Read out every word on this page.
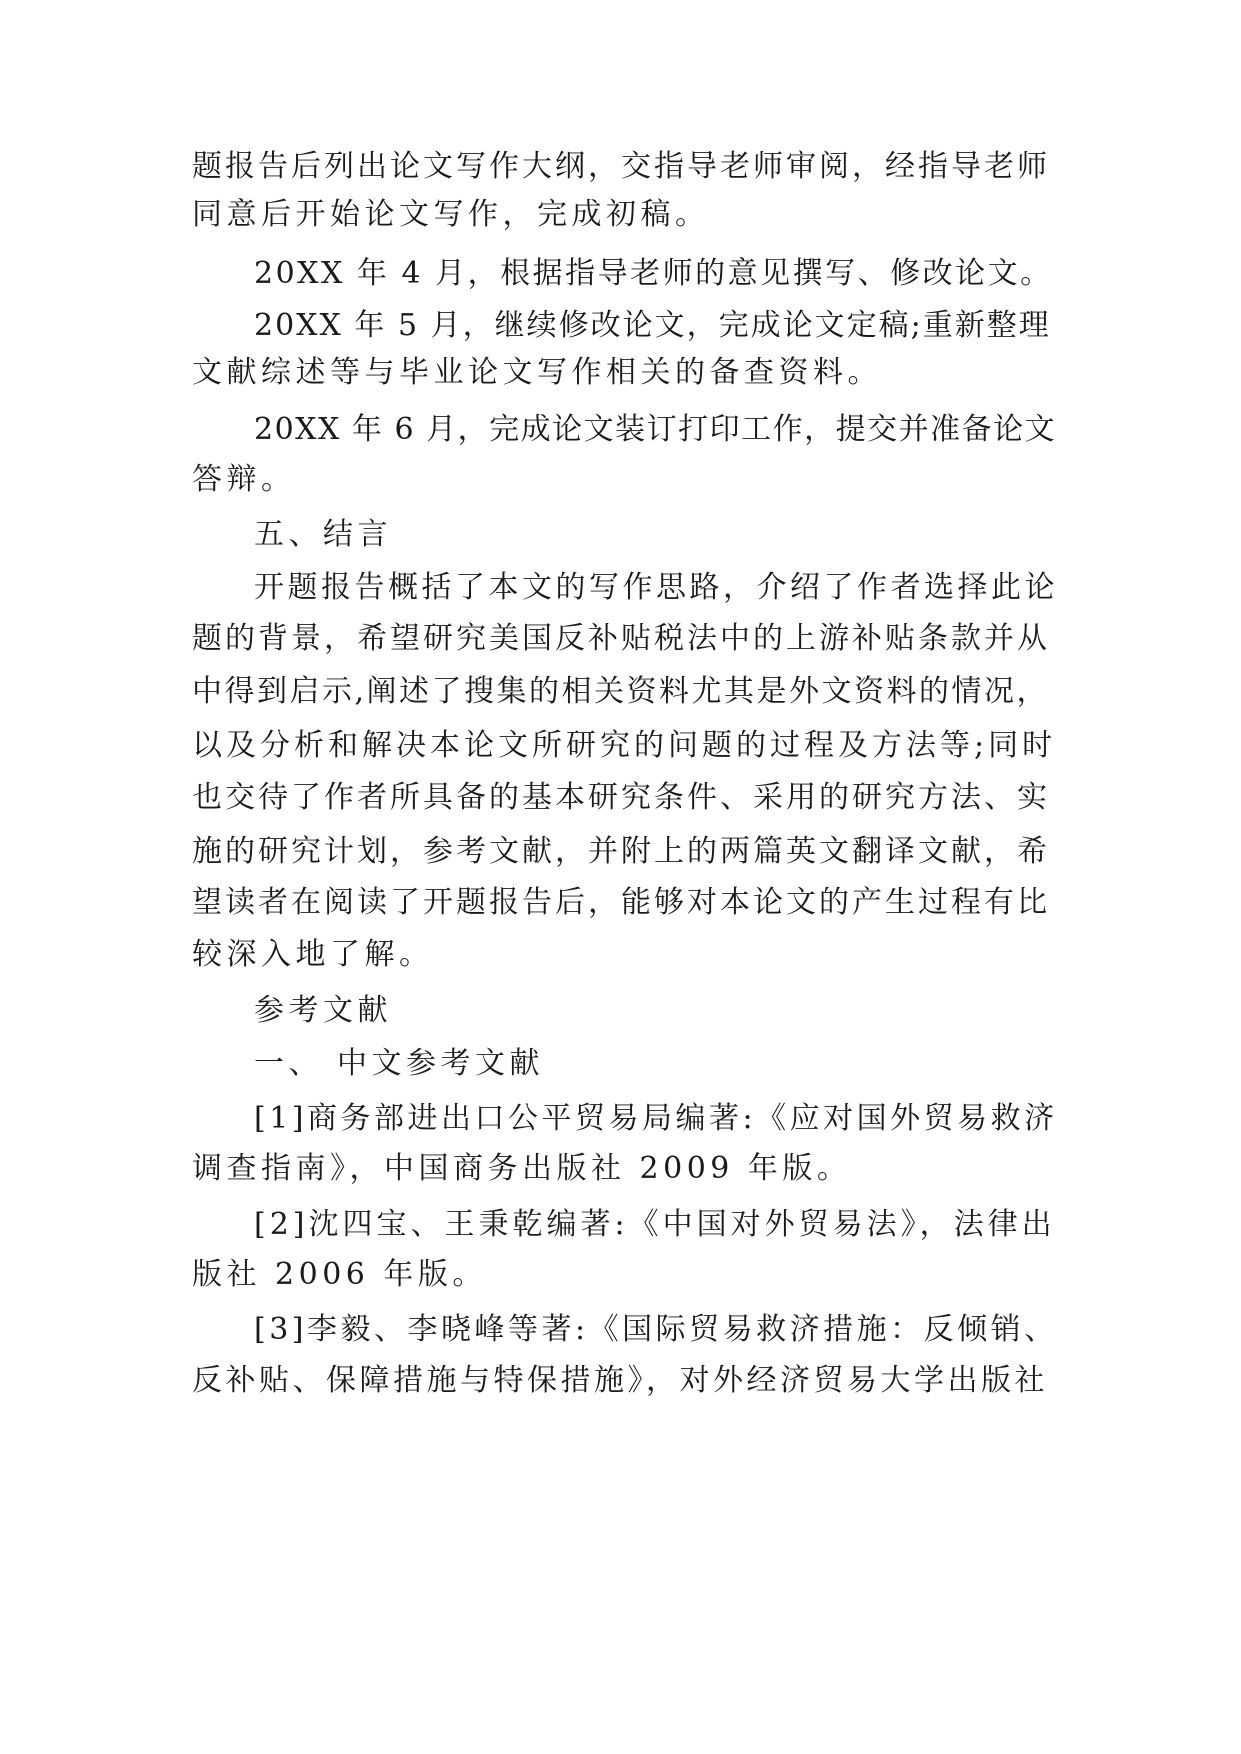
题报告后列出论文写作大纲，交指导老师审阅，经指导老师
同意后开始论文写作，完成初稿。
20XX 年 4 月，根据指导老师的意见撰写、修改论文。
20XX 年 5 月，继续修改论文，完成论文定稿;重新整理
文献综述等与毕业论文写作相关的备查资料。
20XX 年 6 月，完成论文装订打印工作，提交并准备论文
答辩。
五、结言
开题报告概括了本文的写作思路，介绍了作者选择此论
题的背景，希望研究美国反补贴税法中的上游补贴条款并从
中得到启示,阐述了搜集的相关资料尤其是外文资料的情况，
以及分析和解决本论文所研究的问题的过程及方法等;同时
也交待了作者所具备的基本研究条件、采用的研究方法、实
施的研究计划，参考文献，并附上的两篇英文翻译文献，希
望读者在阅读了开题报告后，能够对本论文的产生过程有比
较深入地了解。
参考文献
一、 中文参考文献
[1]商务部进出口公平贸易局编著:《应对国外贸易救济
调查指南》，中国商务出版社 2009 年版。
[2]沈四宝、王秉乾编著:《中国对外贸易法》，法律出
版社 2006 年版。
[3]李毅、李晓峰等著:《国际贸易救济措施：反倾销、
反补贴、保障措施与特保措施》，对外经济贸易大学出版社
